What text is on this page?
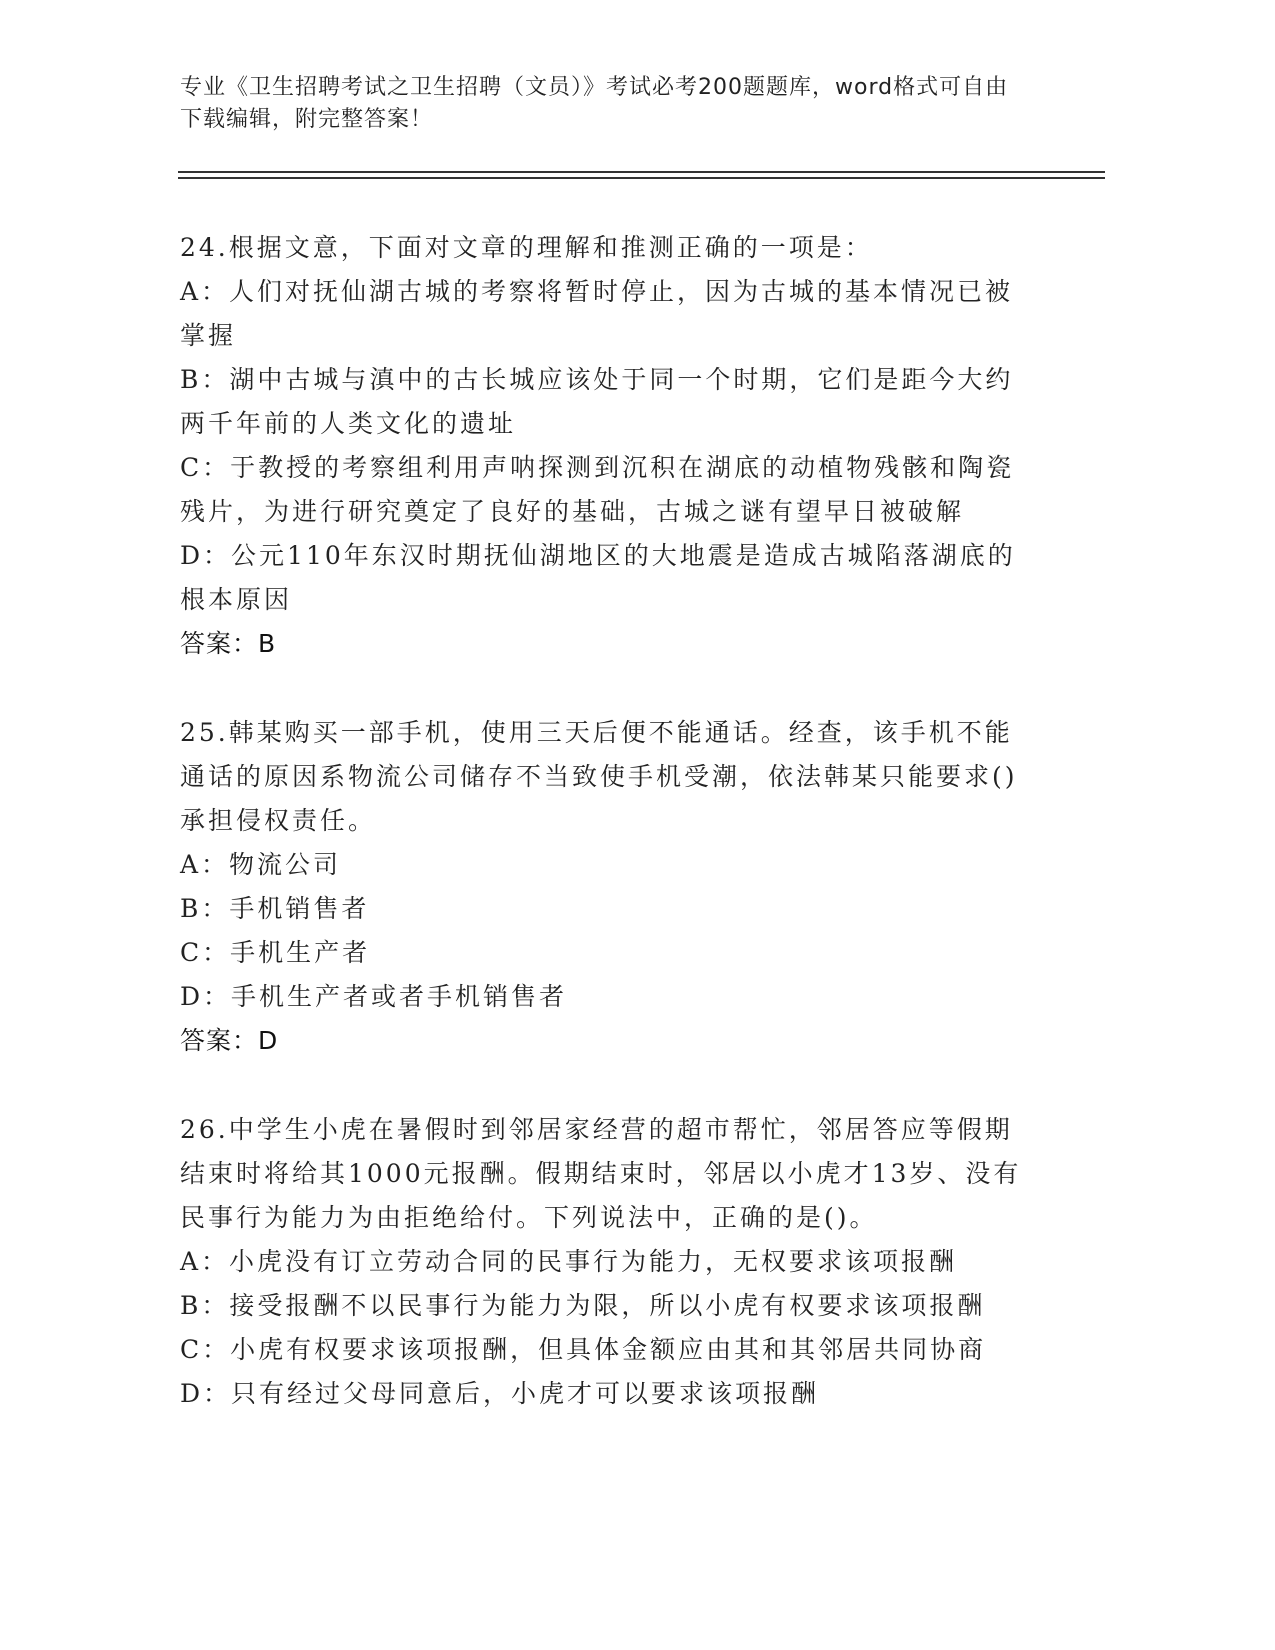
专业《卫生招聘考试之卫生招聘（文员）》考试必考200题题库，word格式可自由下载编辑，附完整答案！
24.根据文意，下面对文章的理解和推测正确的一项是：
A：人们对抚仙湖古城的考察将暂时停止，因为古城的基本情况已被掌握
B：湖中古城与滇中的古长城应该处于同一个时期，它们是距今大约两千年前的人类文化的遗址
C：于教授的考察组利用声呐探测到沉积在湖底的动植物残骸和陶瓷残片，为进行研究奠定了良好的基础，古城之谜有望早日被破解
D：公元110年东汉时期抚仙湖地区的大地震是造成古城陷落湖底的根本原因
答案：B
25.韩某购买一部手机，使用三天后便不能通话。经查，该手机不能通话的原因系物流公司储存不当致使手机受潮，依法韩某只能要求()承担侵权责任。
A：物流公司
B：手机销售者
C：手机生产者
D：手机生产者或者手机销售者
答案：D
26.中学生小虎在暑假时到邻居家经营的超市帮忙，邻居答应等假期结束时将给其1000元报酬。假期结束时，邻居以小虎才13岁、没有民事行为能力为由拒绝给付。下列说法中，正确的是()。
A：小虎没有订立劳动合同的民事行为能力，无权要求该项报酬
B：接受报酬不以民事行为能力为限，所以小虎有权要求该项报酬
C：小虎有权要求该项报酬，但具体金额应由其和其邻居共同协商
D：只有经过父母同意后，小虎才可以要求该项报酬
